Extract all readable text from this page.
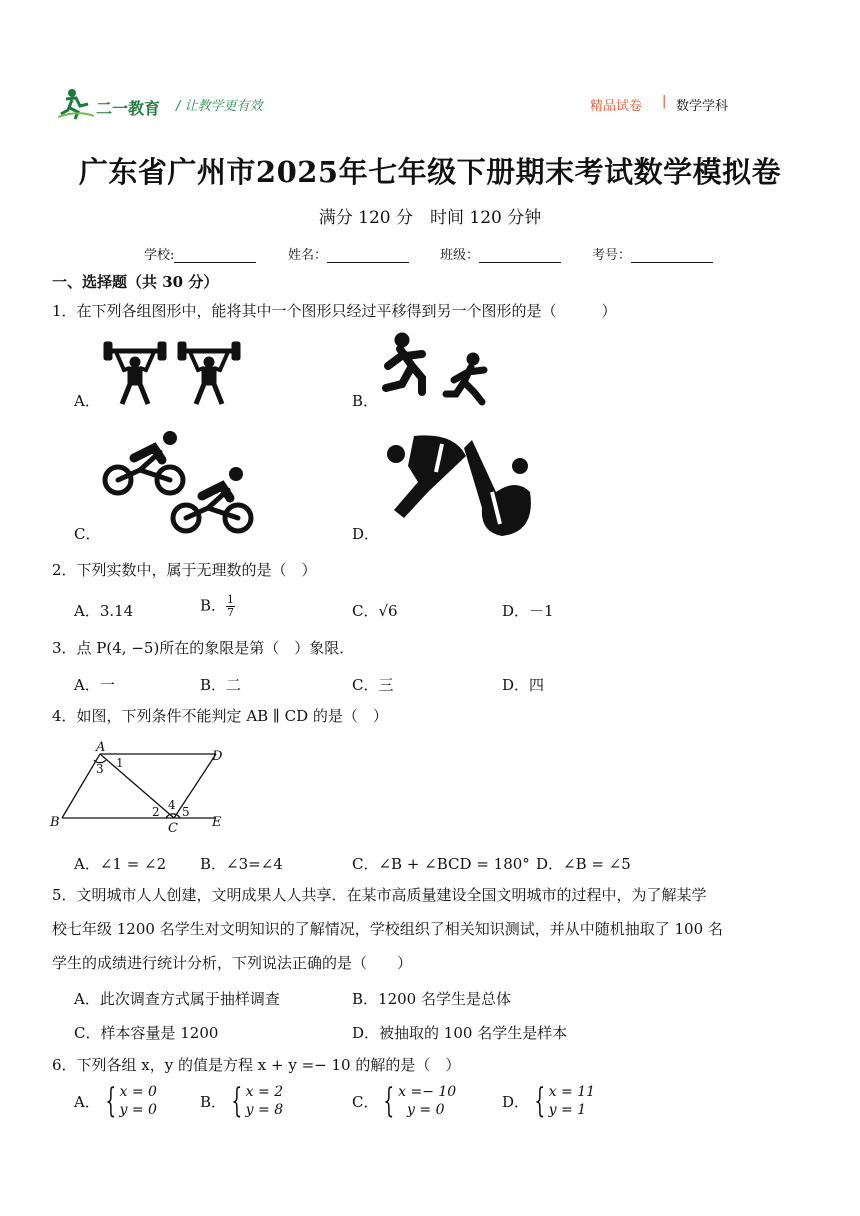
二一教育 / 让教学更有效	精品试卷 | 数学学科
广东省广州市2025年七年级下册期末考试数学模拟卷
满分 120 分　时间 120 分钟
学校:	姓名：	班级：	考号：
一、选择题（共 30 分）
1．在下列各组图形中，能将其中一个图形只经过平移得到另一个图形的是（　　　）
A．	B．
C．	D．
2．下列实数中，属于无理数的是（　）
A．3.14	B． $\frac{1}{7}$	C．√6	D．－1
3．点 P(4, −5)所在的象限是第（　）象限．
A．一	B．二	C．三	D．四
4．如图，下列条件不能判定 AB ∥ CD 的是（　）
A
D
B	C	E
1
3
2 4 5
A．∠1 = ∠2 B．∠3=∠4	C．∠B + ∠BCD = 180° D．∠B = ∠5
5．文明城市人人创建，文明成果人人共享．在某市高质量建设全国文明城市的过程中，为了解某学
校七年级 1200 名学生对文明知识的了解情况，学校组织了相关知识测试，并从中随机抽取了 100 名
学生的成绩进行统计分析，下列说法正确的是（　　）
A．此次调查方式属于抽样调查	B．1200 名学生是总体
C．样本容量是 1200	D．被抽取的 100 名学生是样本
6．下列各组 x，y 的值是方程 x + y =− 10 的解的是（　）
A． { x = 0
y = 0	B． { x = 2
y = 8	C． { x =− 10
y = 0	D． { x = 11
y = 1
